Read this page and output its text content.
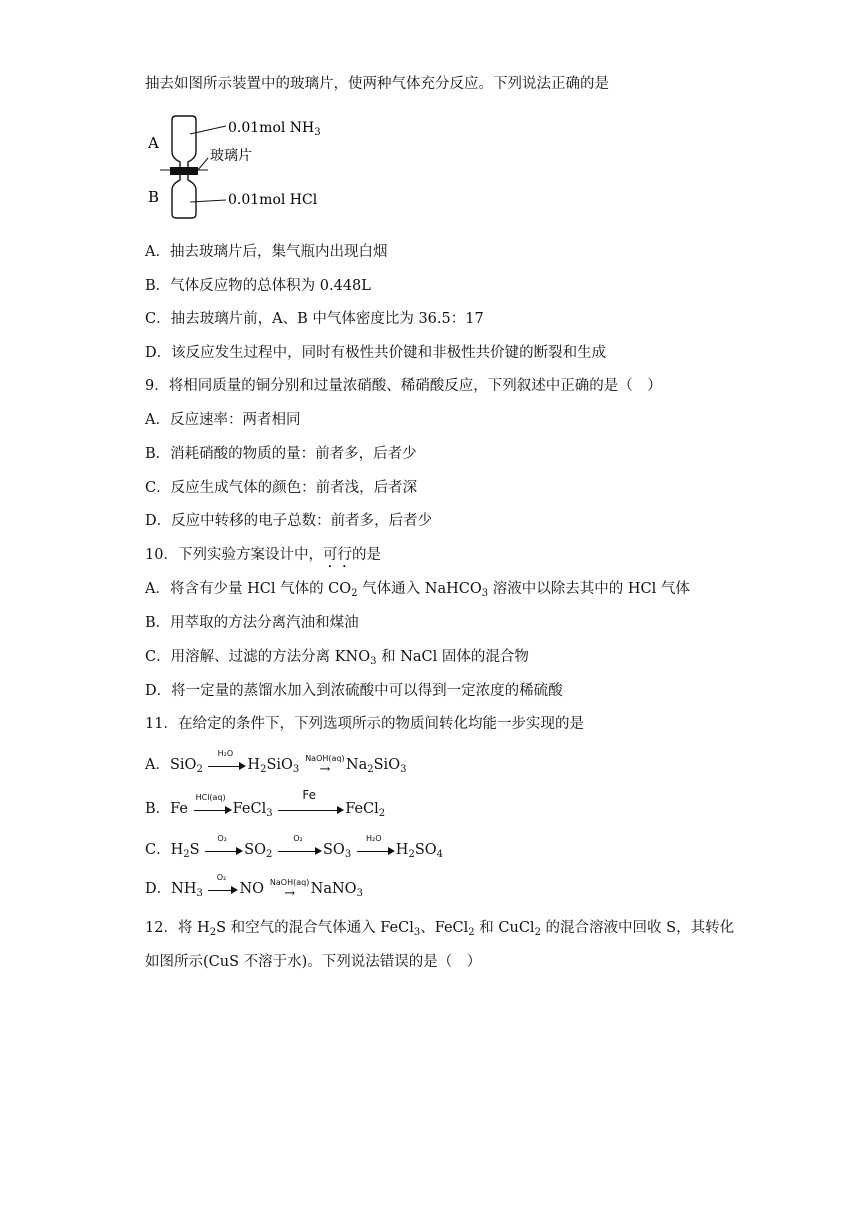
抽去如图所示装置中的玻璃片，使两种气体充分反应。下列说法正确的是
A
B
0.01mol $NH_3$
玻璃片
0.01mol HCl
A．抽去玻璃片后，集气瓶内出现白烟
B．气体反应物的总体积为 0.448L
C．抽去玻璃片前，A、B 中气体密度比为 36.5：17
D．该反应发生过程中，同时有极性共价键和非极性共价键的断裂和生成
9．将相同质量的铜分别和过量浓硝酸、稀硝酸反应，下列叙述中正确的是（　）
A．反应速率：两者相同
B．消耗硝酸的物质的量：前者多，后者少
C．反应生成气体的颜色：前者浅，后者深
D．反应中转移的电子总数：前者多，后者少
10．下列实验方案设计中，可行的是
A．将含有少量 HCl 气体的 $CO_2$ 气体通入 NaHCO$_3$ 溶液中以除去其中的 HCl 气体
B．用萃取的方法分离汽油和煤油
C．用溶解、过滤的方法分离 $KNO_3$ 和 NaCl 固体的混合物
D．将一定量的蒸馏水加入到浓硫酸中可以得到一定浓度的稀硫酸
11．在给定的条件下，下列选项所示的物质间转化均能一步实现的是
A．SiO$_2$
H₂O
$H_2SiO_3$
NaOH(aq)
→	$Na_2SiO_3$
B．Fe
HCl(aq)
FeCl$_3$
Fe
FeCl$_2$
C．$H_2S$
O₂
$SO_2$
O₂
$SO_3$
H₂O
$H_2SO_4$
D．$NH_3$
O₂
NO NaOH(aq)
→	NaNO$_3$
12．将 $H_2S$ 和空气的混合气体通入 FeCl$_3$、FeCl$_2$ 和 CuCl$_2$ 的混合溶液中回收 S，其转化
如图所示(CuS 不溶于水)。下列说法错误的是（　）
